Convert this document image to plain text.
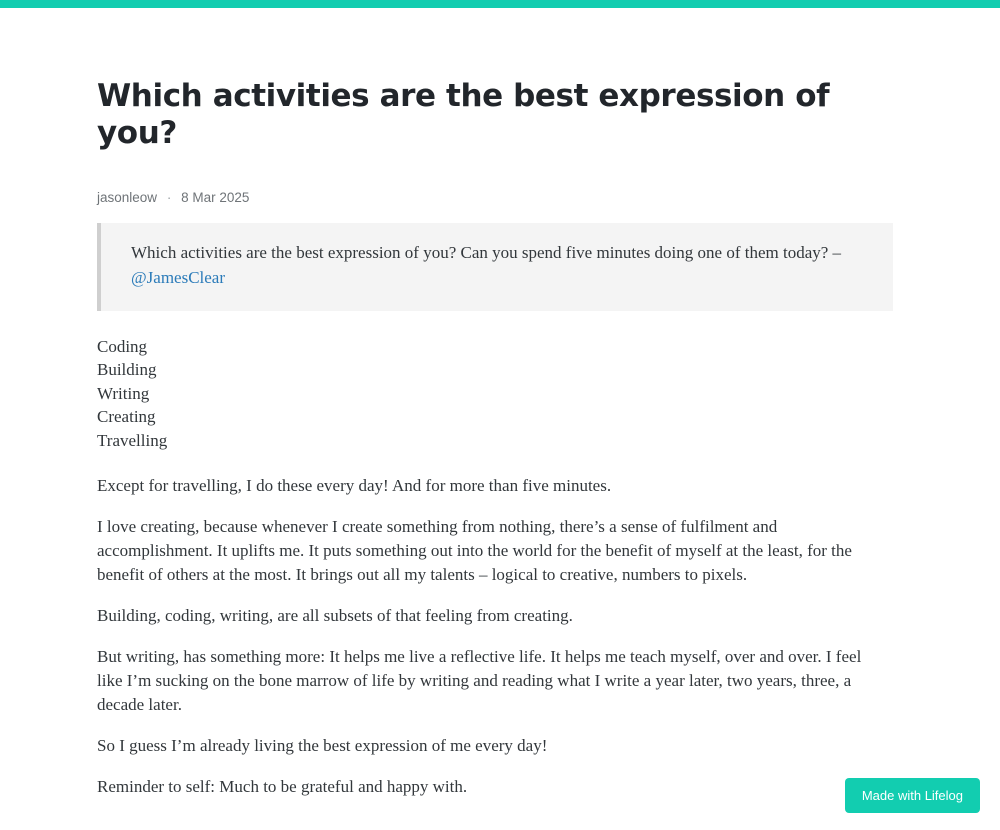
Which activities are the best expression of you?
jasonleow · 8 Mar 2025

Which activities are the best expression of you? Can you spend five minutes doing one of them today? – @JamesClear

Coding
Building
Writing
Creating
Travelling

Except for travelling, I do these every day! And for more than five minutes.

I love creating, because whenever I create something from nothing, there’s a sense of fulfilment and accomplishment. It uplifts me. It puts something out into the world for the benefit of myself at the least, for the benefit of others at the most. It brings out all my talents – logical to creative, numbers to pixels.

Building, coding, writing, are all subsets of that feeling from creating.

But writing, has something more: It helps me live a reflective life. It helps me teach myself, over and over. I feel like I’m sucking on the bone marrow of life by writing and reading what I write a year later, two years, three, a decade later.

So I guess I’m already living the best expression of me every day!

Reminder to self: Much to be grateful and happy with.	Made with Lifelog
